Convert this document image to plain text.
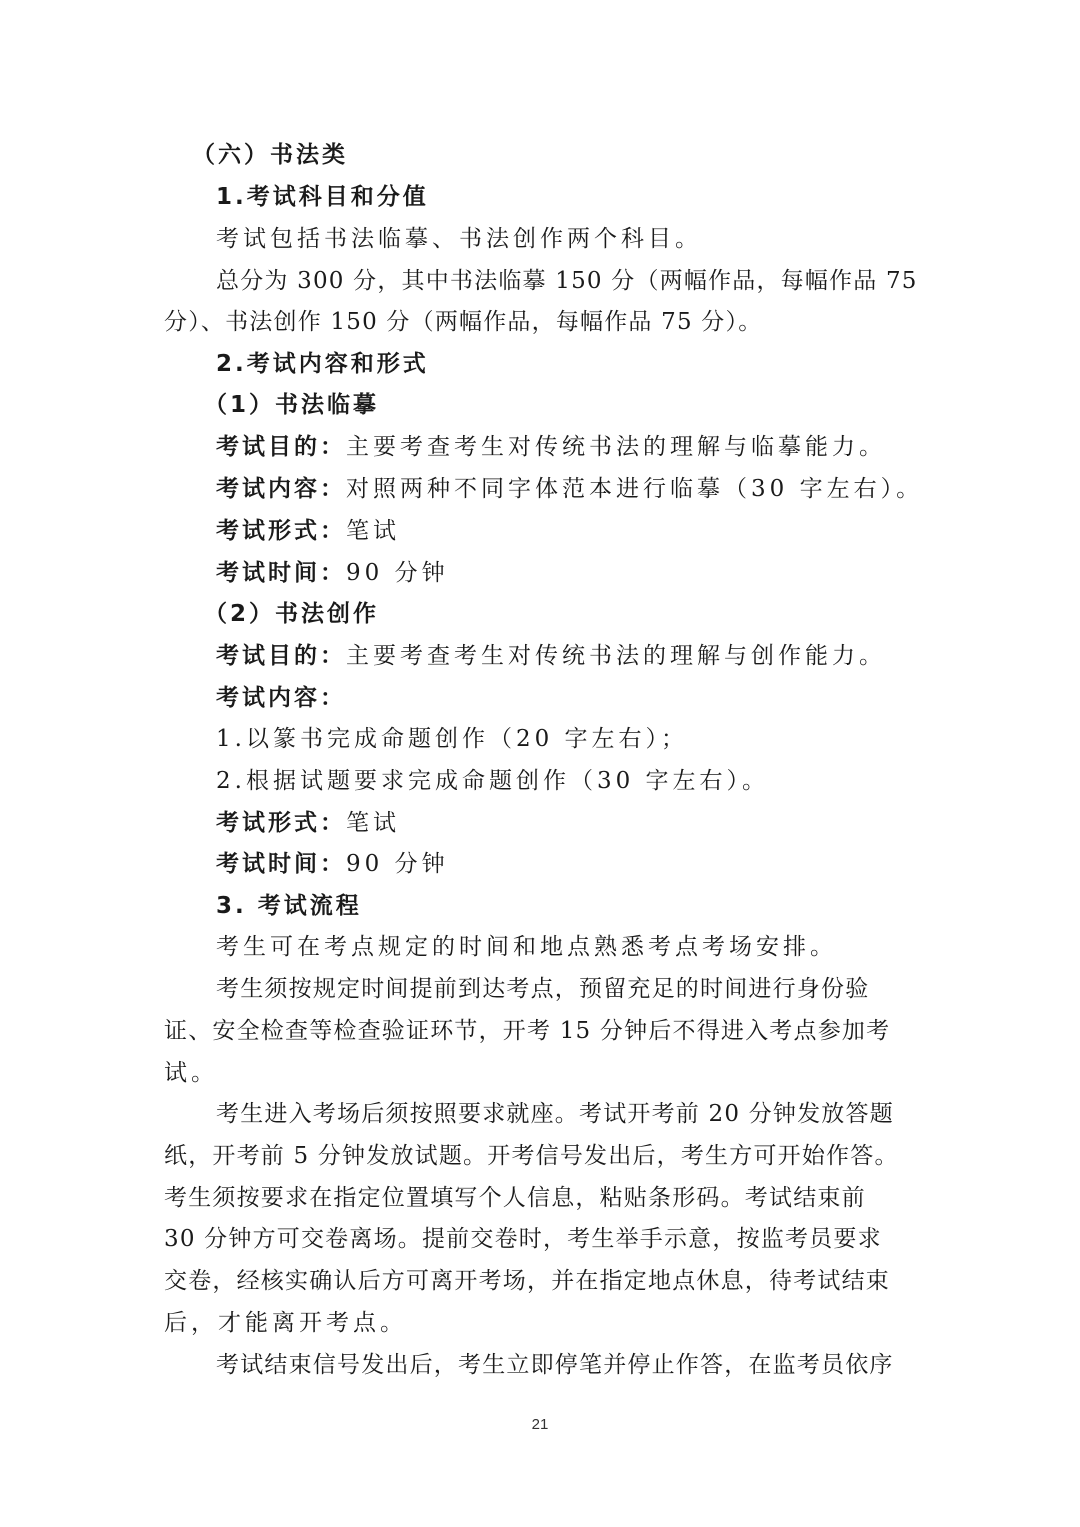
（六）书法类
1.考试科目和分值
考试包括书法临摹、书法创作两个科目。
总分为 300 分，其中书法临摹 150 分（两幅作品，每幅作品 75
分）、书法创作 150 分（两幅作品，每幅作品 75 分）。
2.考试内容和形式
（1）书法临摹
考试目的：主要考查考生对传统书法的理解与临摹能力。
考试内容：对照两种不同字体范本进行临摹（30 字左右）。
考试形式：笔试
考试时间：90 分钟
（2）书法创作
考试目的：主要考查考生对传统书法的理解与创作能力。
考试内容：
1.以篆书完成命题创作（20 字左右）；
2.根据试题要求完成命题创作（30 字左右）。
考试形式：笔试
考试时间：90 分钟
3. 考试流程
考生可在考点规定的时间和地点熟悉考点考场安排。
考生须按规定时间提前到达考点，预留充足的时间进行身份验
证、安全检查等检查验证环节，开考 15 分钟后不得进入考点参加考
试。
考生进入考场后须按照要求就座。考试开考前 20 分钟发放答题
纸，开考前 5 分钟发放试题。开考信号发出后，考生方可开始作答。
考生须按要求在指定位置填写个人信息，粘贴条形码。考试结束前
30 分钟方可交卷离场。提前交卷时，考生举手示意，按监考员要求
交卷，经核实确认后方可离开考场，并在指定地点休息，待考试结束
后，才能离开考点。
考试结束信号发出后，考生立即停笔并停止作答，在监考员依序
21
